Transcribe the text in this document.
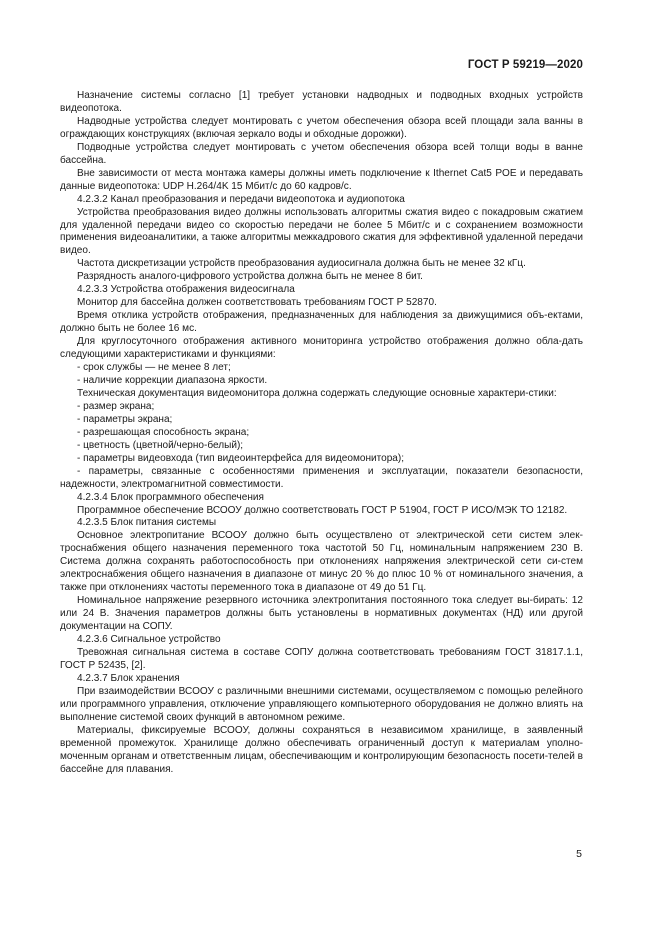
ГОСТ Р 59219—2020

Назначение системы согласно [1] требует установки надводных и подводных входных устройств видеопотока.

Надводные устройства следует монтировать с учетом обеспечения обзора всей площади зала ванны в ограждающих конструкциях (включая зеркало воды и обходные дорожки).

Подводные устройства следует монтировать с учетом обеспечения обзора всей толщи воды в ванне бассейна.

Вне зависимости от места монтажа камеры должны иметь подключение к Ithernet Cat5 POE и передавать данные видеопотока: UDP H.264/4K 15 Мбит/с до 60 кадров/с.

4.2.3.2 Канал преобразования и передачи видеопотока и аудиопотока

Устройства преобразования видео должны использовать алгоритмы сжатия видео с покадровым сжатием для удаленной передачи видео со скоростью передачи не более 5 Мбит/с и с сохранением возможности применения видеоаналитики, а также алгоритмы межкадрового сжатия для эффективной удаленной передачи видео.

Частота дискретизации устройств преобразования аудиосигнала должна быть не менее 32 кГц.

Разрядность аналого-цифрового устройства должна быть не менее 8 бит.

4.2.3.3 Устройства отображения видеосигнала

Монитор для бассейна должен соответствовать требованиям ГОСТ Р 52870.

Время отклика устройств отображения, предназначенных для наблюдения за движущимися объ-ектами, должно быть не более 16 мс.

Для круглосуточного отображения активного мониторинга устройство отображения должно обла-дать следующими характеристиками и функциями:

- срок службы — не менее 8 лет;

- наличие коррекции диапазона яркости.

Техническая документация видеомонитора должна содержать следующие основные характери-стики:

- размер экрана;

- параметры экрана;

- разрешающая способность экрана;

- цветность (цветной/черно-белый);

- параметры видеовхода (тип видеоинтерфейса для видеомонитора);

- параметры, связанные с особенностями применения и эксплуатации, показатели безопасности, надежности, электромагнитной совместимости.

4.2.3.4 Блок программного обеспечения

Программное обеспечение ВСООУ должно соответствовать ГОСТ Р 51904, ГОСТ Р ИСО/МЭК ТО 12182.

4.2.3.5 Блок питания системы

Основное электропитание ВСООУ должно быть осуществлено от электрической сети систем элек-троснабжения общего назначения переменного тока частотой 50 Гц, номинальным напряжением 230 В. Система должна сохранять работоспособность при отклонениях напряжения электрической сети си-стем электроснабжения общего назначения в диапазоне от минус 20 % до плюс 10 % от номинального значения, а также при отклонениях частоты переменного тока в диапазоне от 49 до 51 Гц.

Номинальное напряжение резервного источника электропитания постоянного тока следует вы-бирать: 12 или 24 В. Значения параметров должны быть установлены в нормативных документах (НД) или другой документации на СОПУ.

4.2.3.6 Сигнальное устройство

Тревожная сигнальная система в составе СОПУ должна соответствовать требованиям ГОСТ 31817.1.1, ГОСТ Р 52435, [2].

4.2.3.7 Блок хранения

При взаимодействии ВСООУ с различными внешними системами, осуществляемом с помощью релейного или программного управления, отключение управляющего компьютерного оборудования не должно влиять на выполнение системой своих функций в автономном режиме.

Материалы, фиксируемые ВСООУ, должны сохраняться в независимом хранилище, в заявленный временной промежуток. Хранилище должно обеспечивать ограниченный доступ к материалам уполно-моченным органам и ответственным лицам, обеспечивающим и контролирующим безопасность посети-телей в бассейне для плавания.

5
